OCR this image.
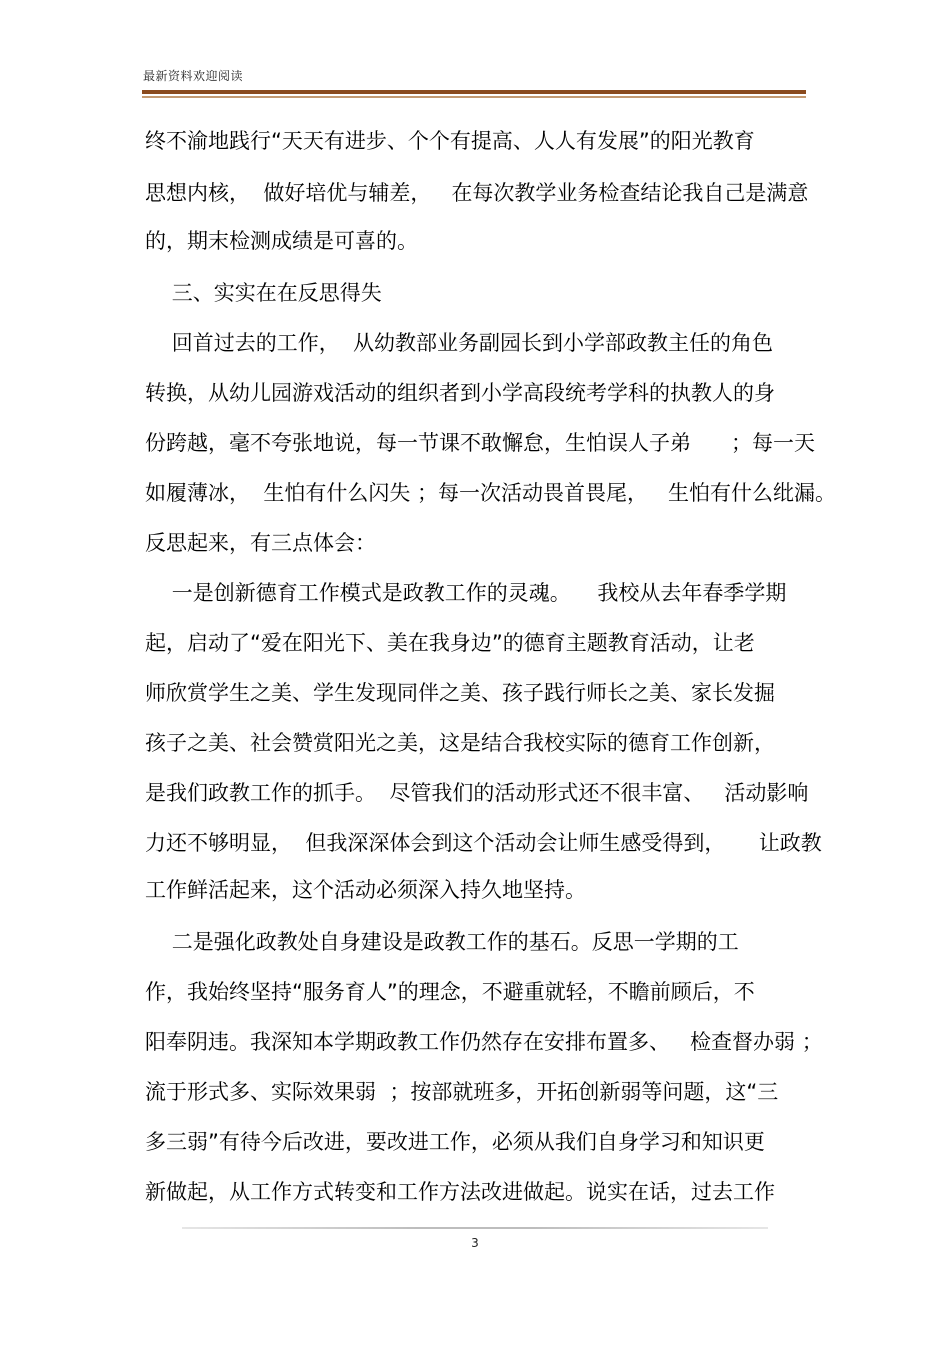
最新资料欢迎阅读
终不渝地践行“天天有进步、个个有提高、人人有发展”的阳光教育
思想内核，  做好培优与辅差，   在每次教学业务检查结论我自己是满意
的，期末检测成绩是可喜的。
三、实实在在反思得失
回首过去的工作，  从幼教部业务副园长到小学部政教主任的角色
转换，从幼儿园游戏活动的组织者到小学高段统考学科的执教人的身
份跨越，毫不夸张地说，每一节课不敢懈怠，生怕误人子弟      ；每一天
如履薄冰，  生怕有什么闪失 ；每一次活动畏首畏尾，   生怕有什么纰漏。
反思起来，有三点体会：
一是创新德育工作模式是政教工作的灵魂。    我校从去年春季学期
起，启动了“爱在阳光下、美在我身边”的德育主题教育活动，让老
师欣赏学生之美、学生发现同伴之美、孩子践行师长之美、家长发掘
孩子之美、社会赞赏阳光之美，这是结合我校实际的德育工作创新，
是我们政教工作的抓手。  尽管我们的活动形式还不很丰富、   活动影响
力还不够明显，  但我深深体会到这个活动会让师生感受得到，     让政教
工作鲜活起来，这个活动必须深入持久地坚持。
二是强化政教处自身建设是政教工作的基石。反思一学期的工
作，我始终坚持“服务育人”的理念，不避重就轻，不瞻前顾后，不
阳奉阴违。我深知本学期政教工作仍然存在安排布置多、   检查督办弱 ；
流于形式多、实际效果弱  ；按部就班多，开拓创新弱等问题，这“三
多三弱”有待今后改进，要改进工作，必须从我们自身学习和知识更
新做起，从工作方式转变和工作方法改进做起。说实在话，过去工作
3
